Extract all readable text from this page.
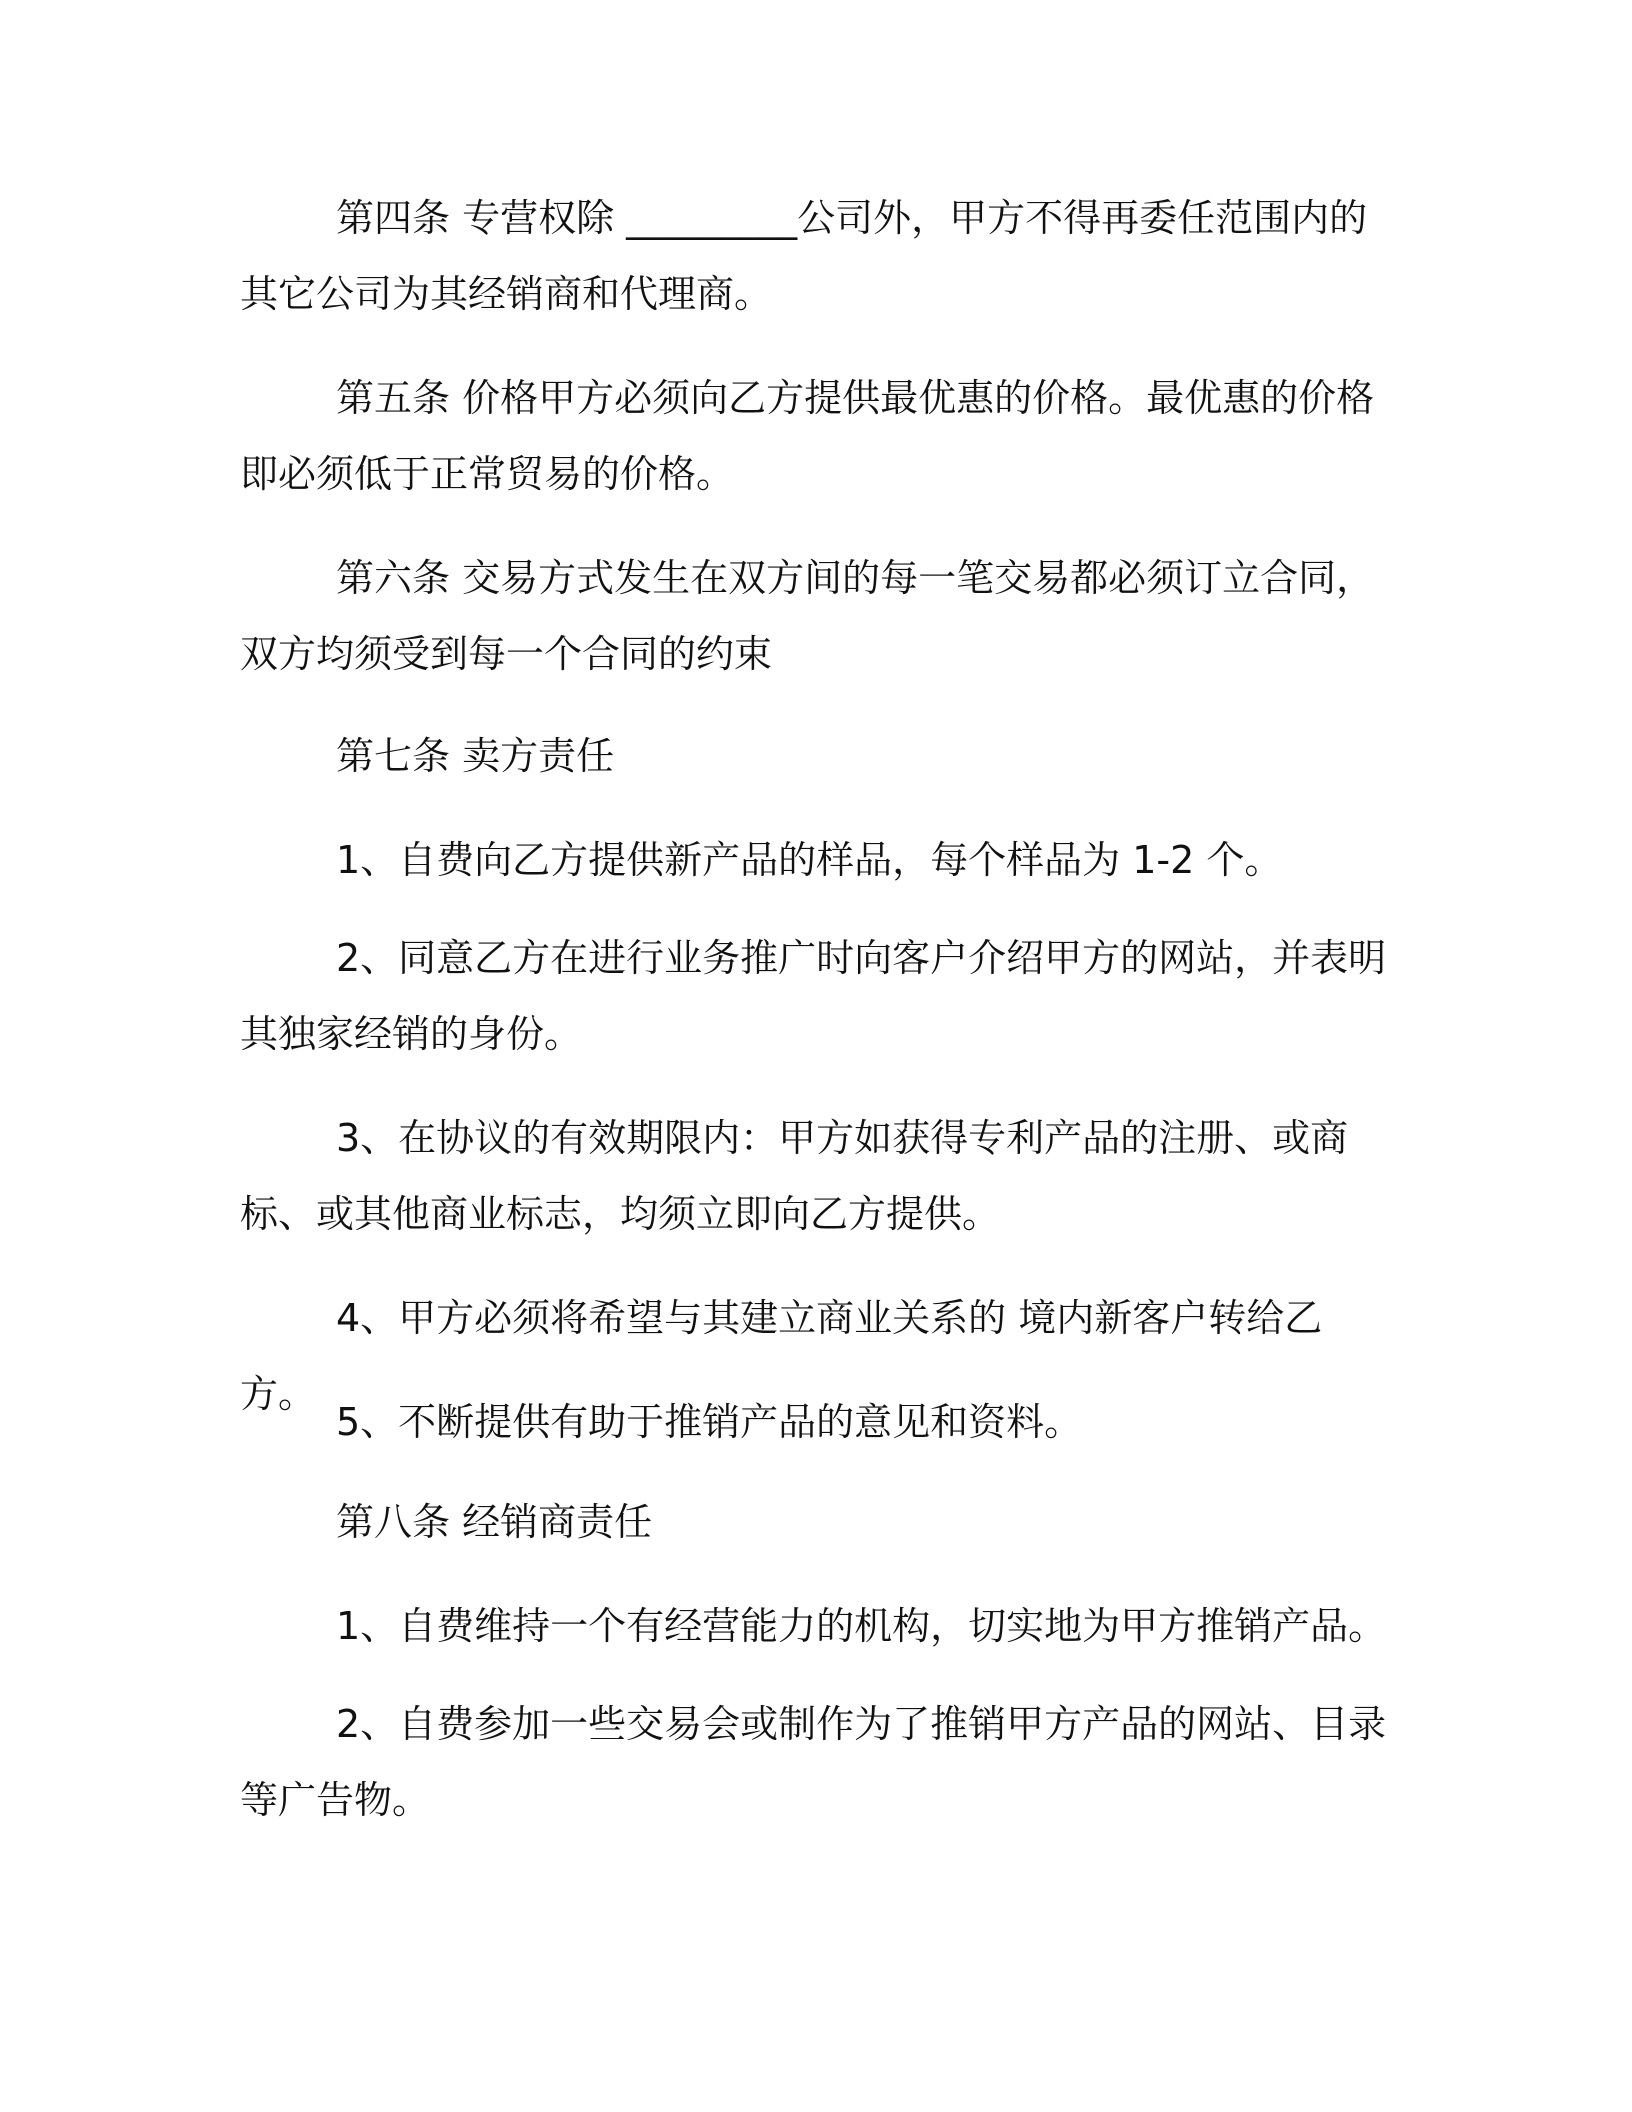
第四条 专营权除 _________公司外，甲方不得再委任范围内的其它公司为其经销商和代理商。

第五条 价格甲方必须向乙方提供最优惠的价格。最优惠的价格即必须低于正常贸易的价格。

第六条 交易方式发生在双方间的每一笔交易都必须订立合同，双方均须受到每一个合同的约束

第七条 卖方责任

1、自费向乙方提供新产品的样品，每个样品为 1-2 个。

2、同意乙方在进行业务推广时向客户介绍甲方的网站，并表明其独家经销的身份。

3、在协议的有效期限内：甲方如获得专利产品的注册、或商标、或其他商业标志，均须立即向乙方提供。

4、甲方必须将希望与其建立商业关系的 境内新客户转给乙方。

5、不断提供有助于推销产品的意见和资料。

第八条 经销商责任

1、自费维持一个有经营能力的机构，切实地为甲方推销产品。

2、自费参加一些交易会或制作为了推销甲方产品的网站、目录等广告物。
